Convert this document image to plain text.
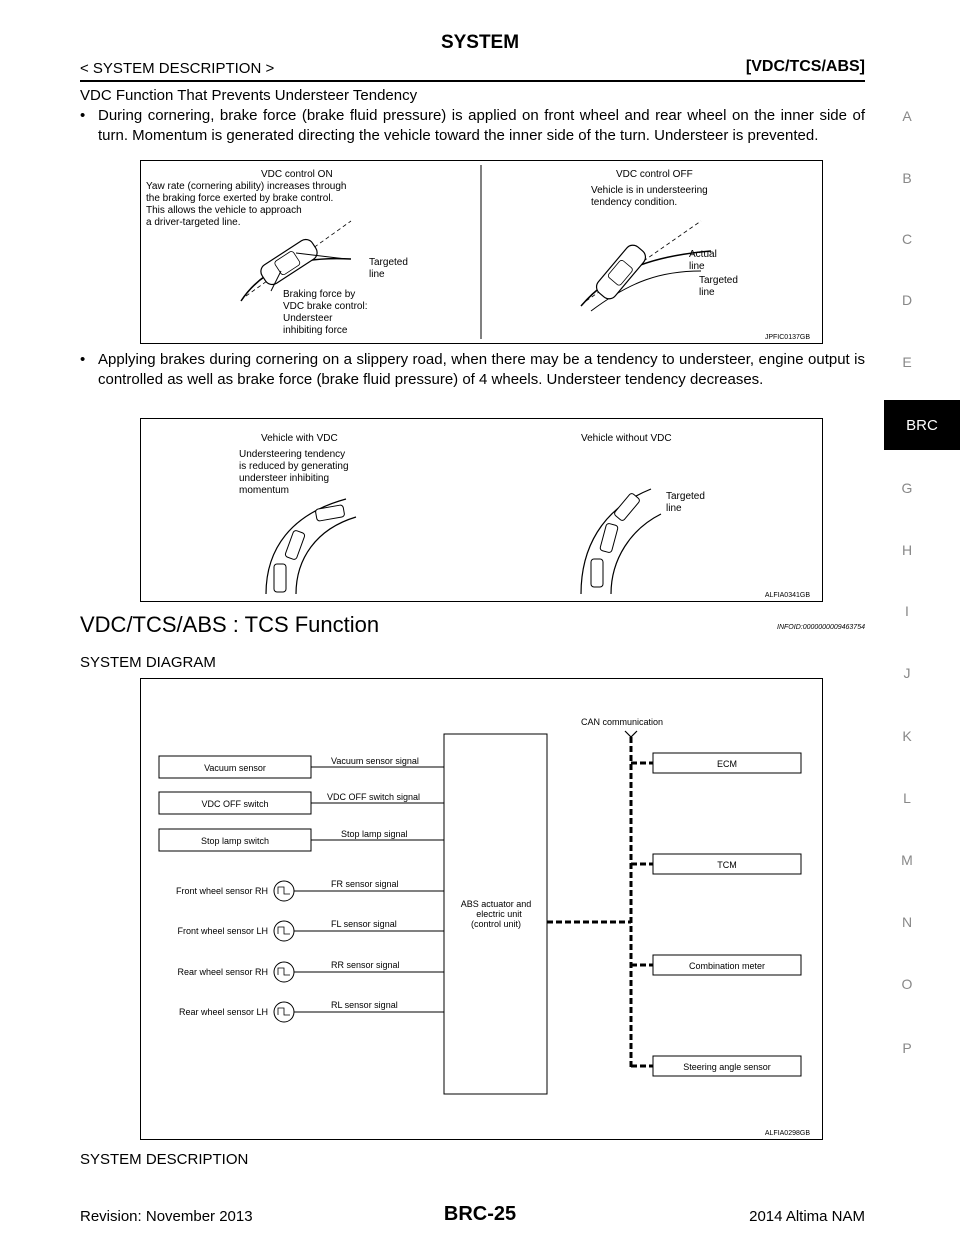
SYSTEM
< SYSTEM DESCRIPTION >	[VDC/TCS/ABS]
A
B
C
D
E
G
H
I
J
K
L
M
N
O
P
BRC
VDC Function That Prevents Understeer Tendency
• During cornering, brake force (brake fluid pressure) is applied on front wheel and rear wheel on the inner side of turn. Momentum is generated directing the vehicle toward the inner side of the turn. Understeer is prevented.
VDC control ON
Yaw rate (cornering ability) increases through
the braking force exerted by brake control.
This allows the vehicle to approach
a driver-targeted line.
Targeted
line
Braking force by
VDC brake control:
Understeer
inhibiting force
VDC control OFF
Vehicle is in understeering
tendency condition.
Actual
line
Targeted
line
JPFIC0137GB
• Applying brakes during cornering on a slippery road, when there may be a tendency to understeer, engine output is controlled as well as brake force (brake fluid pressure) of 4 wheels. Understeer tendency decreases.
Vehicle with VDC
Understeering tendency
is reduced by generating
understeer inhibiting
momentum
Vehicle without VDC
Targeted
line
ALFIA0341GB
VDC/TCS/ABS : TCS Function	INFOID:0000000009463754
SYSTEM DIAGRAM
ABS actuator and
electric unit
(control unit)
Vacuum sensor
Vacuum sensor signal
VDC OFF switch
VDC OFF switch signal
Stop lamp switch
Stop lamp signal
Front wheel sensor RH
FR sensor signal
Front wheel sensor LH
FL sensor signal
Rear wheel sensor RH
RR sensor signal
Rear wheel sensor LH
RL sensor signal
CAN communication
ECM
TCM
Combination meter
Steering angle sensor
ALFIA0298GB
SYSTEM DESCRIPTION
Revision: November 2013	BRC-25	2014 Altima NAM
